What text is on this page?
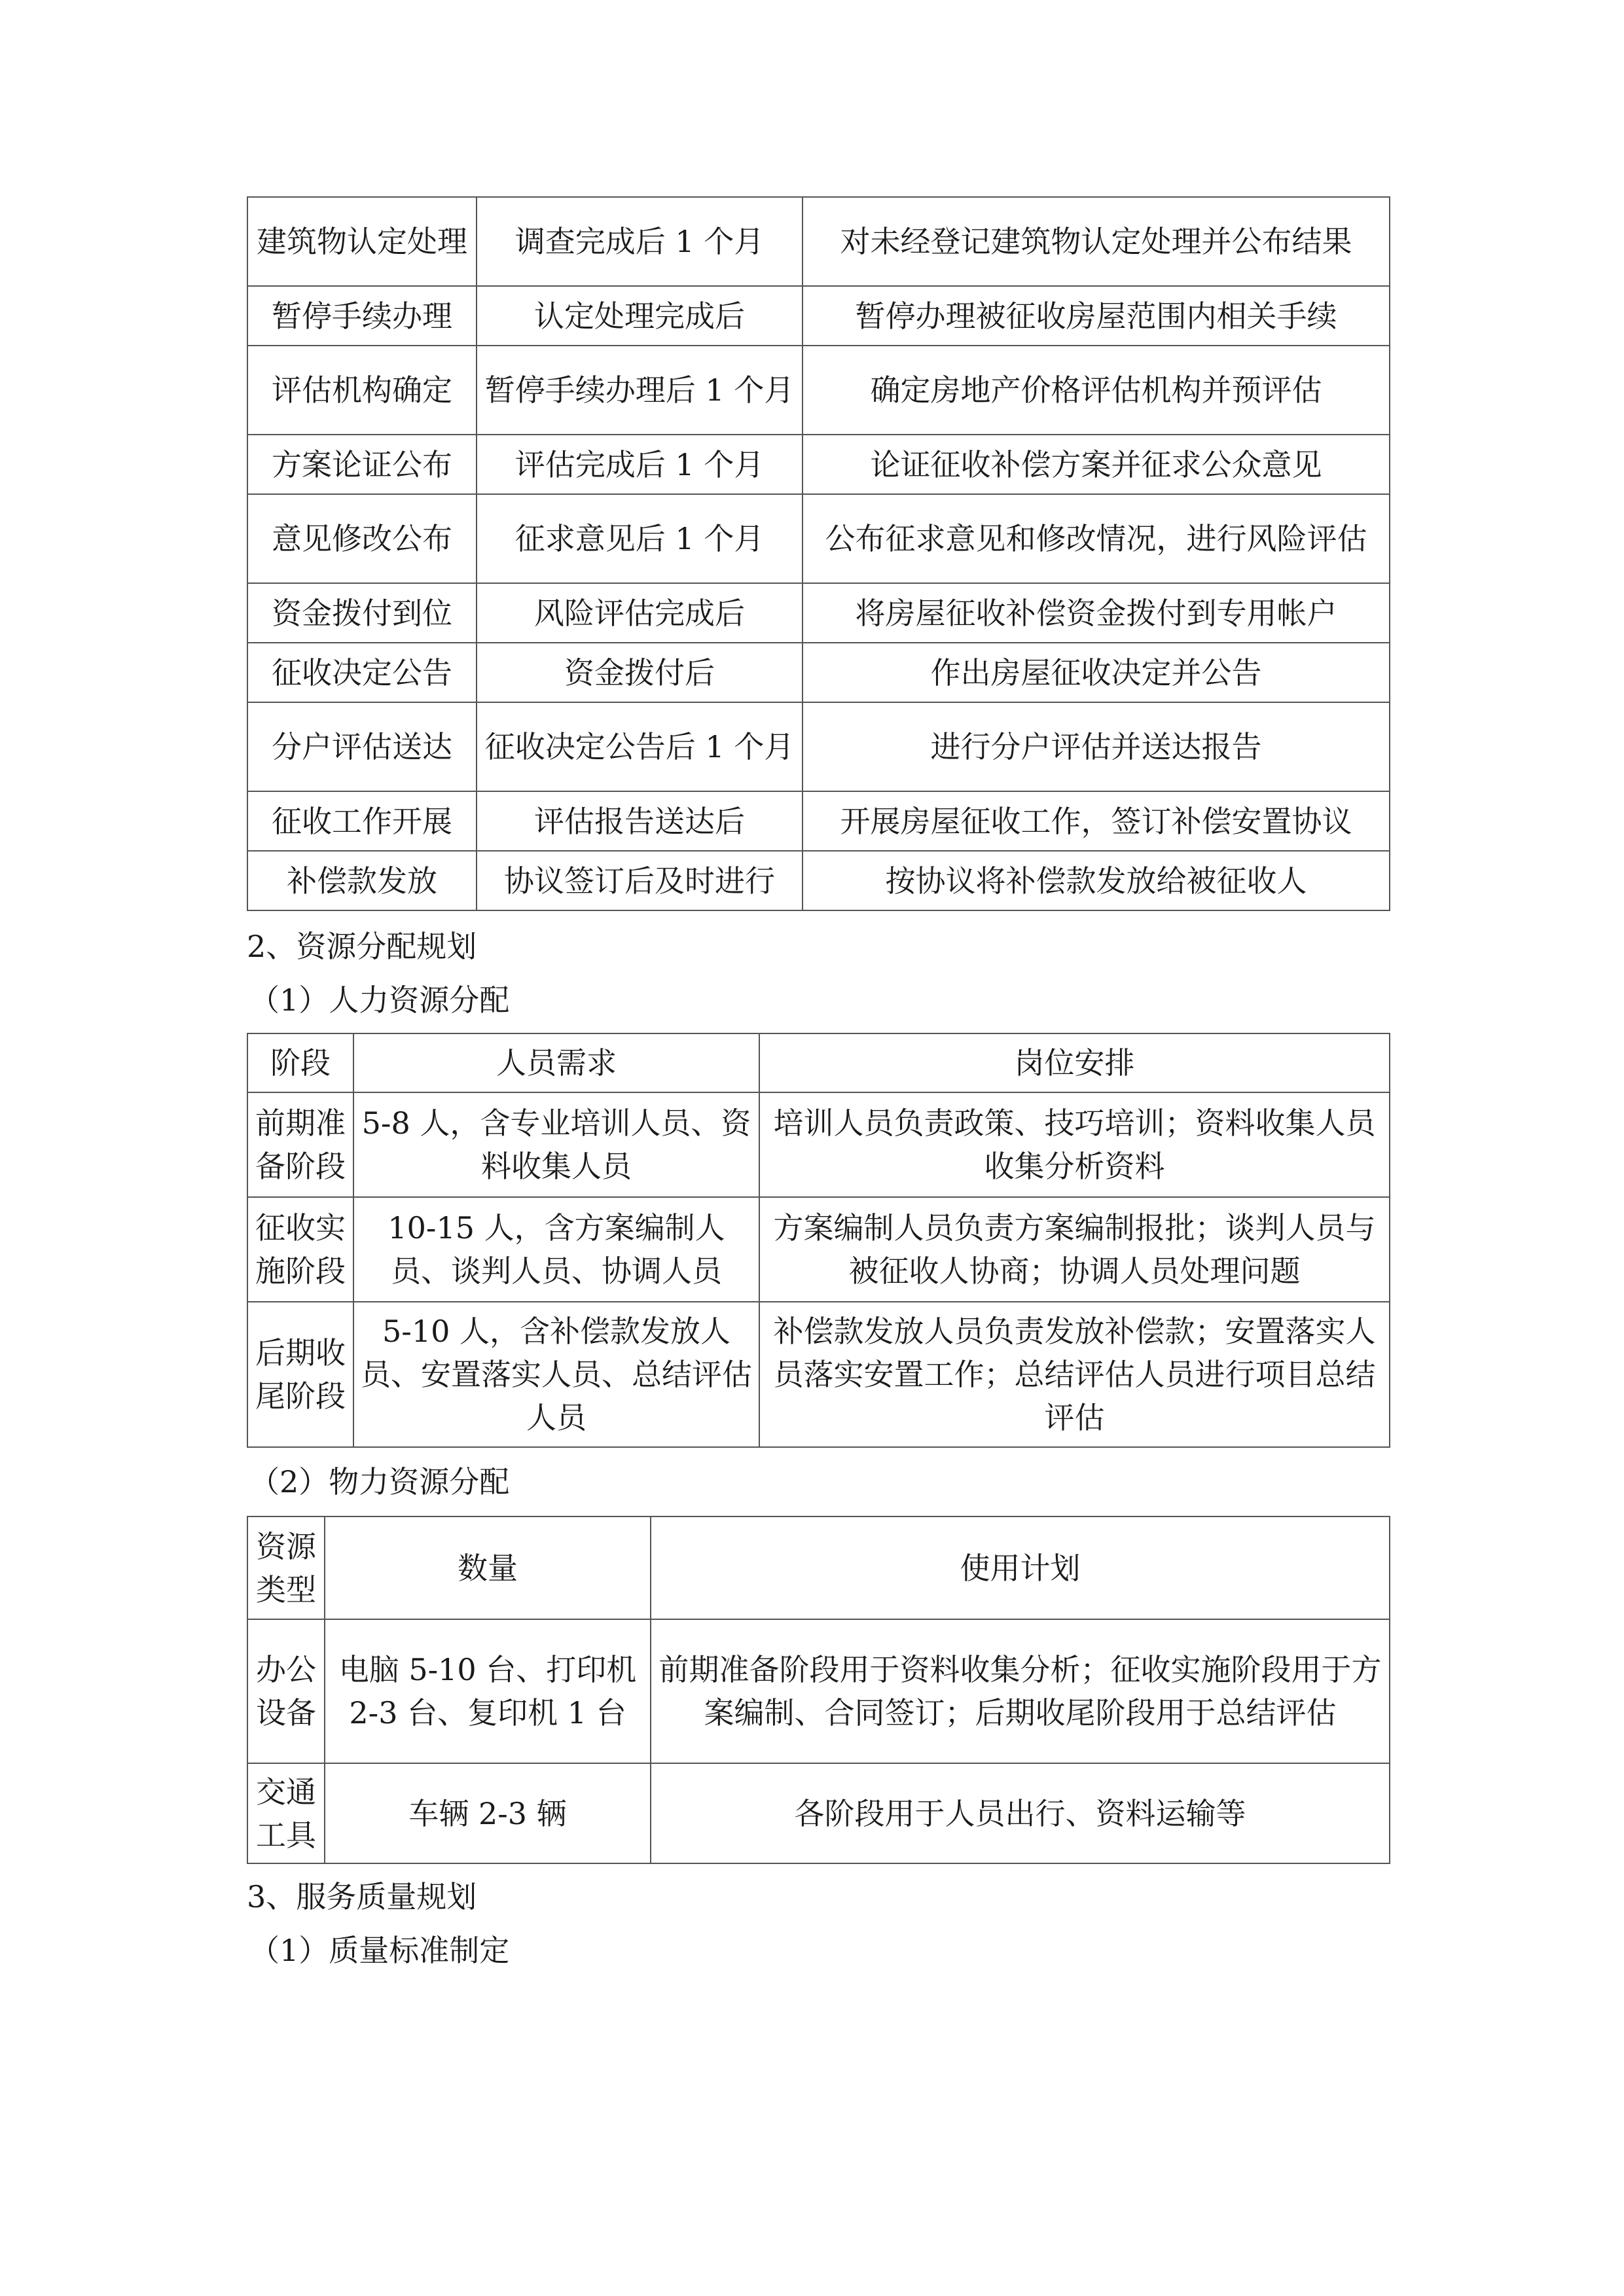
建筑物认定处理	调查完成后 1 个月	对未经登记建筑物认定处理并公布结果
暂停手续办理	认定处理完成后	暂停办理被征收房屋范围内相关手续
评估机构确定	暂停手续办理后 1 个月	确定房地产价格评估机构并预评估
方案论证公布	评估完成后 1 个月	论证征收补偿方案并征求公众意见
意见修改公布	征求意见后 1 个月	公布征求意见和修改情况，进行风险评估
资金拨付到位	风险评估完成后	将房屋征收补偿资金拨付到专用帐户
征收决定公告	资金拨付后	作出房屋征收决定并公告
分户评估送达	征收决定公告后 1 个月	进行分户评估并送达报告
征收工作开展	评估报告送达后	开展房屋征收工作，签订补偿安置协议
补偿款发放	协议签订后及时进行	按协议将补偿款发放给被征收人

2、资源分配规划

（1）人力资源分配

阶段	人员需求	岗位安排
前期准备阶段	5-8 人，含专业培训人员、资料收集人员	培训人员负责政策、技巧培训；资料收集人员收集分析资料
征收实施阶段	10-15 人，含方案编制人员、谈判人员、协调人员	方案编制人员负责方案编制报批；谈判人员与被征收人协商；协调人员处理问题
后期收尾阶段	5-10 人，含补偿款发放人员、安置落实人员、总结评估人员	补偿款发放人员负责发放补偿款；安置落实人员落实安置工作；总结评估人员进行项目总结评估

（2）物力资源分配

资源类型	数量	使用计划
办公设备	电脑 5-10 台、打印机 2-3 台、复印机 1 台	前期准备阶段用于资料收集分析；征收实施阶段用于方案编制、合同签订；后期收尾阶段用于总结评估
交通工具	车辆 2-3 辆	各阶段用于人员出行、资料运输等

3、服务质量规划

（1）质量标准制定
